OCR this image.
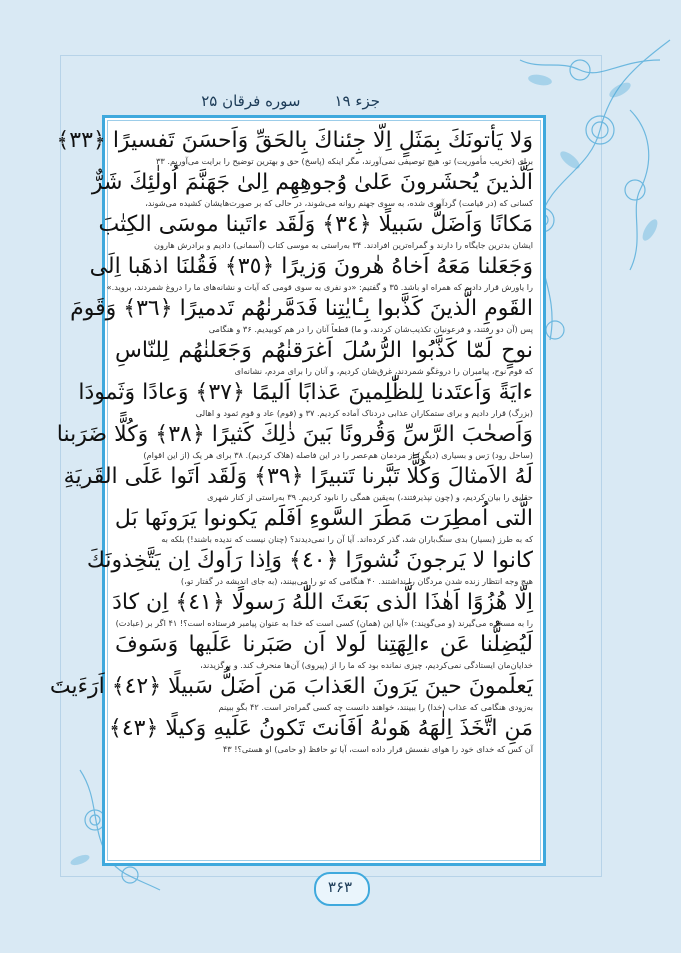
جزء ۱۹
سوره فرقان ۲۵
وَلا يَأتونَكَ بِمَثَلٍ اِلّا جِئناكَ بِالحَقِّ وَاَحسَنَ تَفسيرًا ﴿٣٣﴾
برای (تخریب مأموریت) تو، هیچ توصیفی نمی‌آورند، مگر اینکه (پاسخ) حق و بهترین توضیح را برایت می‌آوریم. ۳۳
اَلَّذينَ يُحشَرونَ عَلىٰ وُجوهِهِم اِلىٰ جَهَنَّمَ اُولٰئِكَ شَرٌّ
کسانی که (در قیامت) گردآوری شده، به سوی جهنم روانه می‌شوند، در حالی که بر صورت‌هایشان کشیده می‌شوند،
مَكانًا وَاَضَلُّ سَبيلًا ﴿٣٤﴾ وَلَقَد ءاتَينا موسَى الكِتٰبَ
ایشان بدترین جایگاه را دارند و گمراه‌ترین افرادند. ۳۴ به‌راستی به موسی کتاب (آسمانی) دادیم و برادرش هارون
وَجَعَلنا مَعَهُ اَخاهُ هٰرونَ وَزيرًا ﴿٣٥﴾ فَقُلنَا اذهَبا اِلَى
را یاورش قرار دادیم که همراه او باشد. ۳۵ و گفتیم: «دو نفری به سوی قومی که آیات و نشانه‌های ما را دروغ شمردند، بروید.»
القَومِ الَّذينَ كَذَّبوا بِـٔايٰتِنا فَدَمَّرنٰهُم تَدميرًا ﴿٣٦﴾ وَقَومَ
پس (آن دو رفتند، و فرعونیان تکذیب‌شان کردند، و ما) قطعاً آنان را در هم کوبیدیم. ۳۶ و هنگامی
نوحٍ لَمّا كَذَّبُوا الرُّسُلَ اَغرَقنٰهُم وَجَعَلنٰهُم لِلنّاسِ
که قوم نوح، پیامبران را دروغگو شمردند، غرق‌شان کردیم، و آنان را برای مردم، نشانه‌ای
ءايَةً وَاَعتَدنا لِلظّٰلِمينَ عَذابًا اَليمًا ﴿٣٧﴾ وَعادًا وَثَمودَا
(بزرگ) قرار دادیم و برای ستمکاران عذابی دردناک آماده کردیم. ۳۷ و (قوم) عاد و قوم ثمود و اهالی
وَاَصحٰبَ الرَّسِّ وَقُرونًا بَينَ ذٰلِكَ كَثيرًا ﴿٣٨﴾ وَكُلًّا ضَرَبنا
(ساحل رود) رَس و بسیاری (دیگر) از مردمان هم‌عصر را در این فاصله (هلاک کردیم). ۳۸ برای هر یک (از این اقوام)
لَهُ الاَمثالَ وَكُلًّا تَبَّرنا تَتبيرًا ﴿٣٩﴾ وَلَقَد اَتَوا عَلَى القَريَةِ
حقایق را بیان کردیم، و (چون نپذیرفتند،) به‌یقین همگی را نابود کردیم. ۳۹ به‌راستی از کنار شهری
الَّتى اُمطِرَت مَطَرَ السَّوءِ اَفَلَم يَكونوا يَرَونَها بَل
که به طرز (بسیار) بدی سنگ‌باران شد، گذر کرده‌اند. آیا آن را نمی‌دیدند؟ (چنان نیست که ندیده باشند!) بلکه به
كانوا لا يَرجونَ نُشورًا ﴿٤٠﴾ وَاِذا رَاَوكَ اِن يَتَّخِذونَكَ
هیچ وجه انتظار زنده شدن مردگان را نداشتند. ۴۰ هنگامی که تو را می‌بینند، (به جای اندیشه در گفتار تو،)
اِلّا هُزُوًا اَهٰذَا الَّذى بَعَثَ اللّٰهُ رَسولًا ﴿٤١﴾ اِن كادَ
را به مسخره می‌گیرند (و می‌گویند:) «آیا این (همان) کسی است که خدا به عنوان پیامبر فرستاده است؟! ۴۱ اگر بر (عبادت)
لَيُضِلُّنا عَن ءالِهَتِنا لَولا اَن صَبَرنا عَلَيها وَسَوفَ
خدایان‌مان ایستادگی نمی‌کردیم، چیزی نمانده بود که ما را از (پیروی) آن‌ها منحرف کند. و برگزیدند،
يَعلَمونَ حينَ يَرَونَ العَذابَ مَن اَضَلُّ سَبيلًا ﴿٤٢﴾ اَرَءَيتَ
به‌زودی هنگامی که عذاب (خدا) را ببینند، خواهند دانست چه کسی گمراه‌تر است. ۴۲ بگو ببینم
مَنِ اتَّخَذَ اِلٰهَهُ هَوىٰهُ اَفَاَنتَ تَكونُ عَلَيهِ وَكيلًا ﴿٤٣﴾
آن کس که خدای خود را هوای نفسش قرار داده است، آیا تو حافظ (و حامی) او هستی؟! ۴۳
۳۶۳
